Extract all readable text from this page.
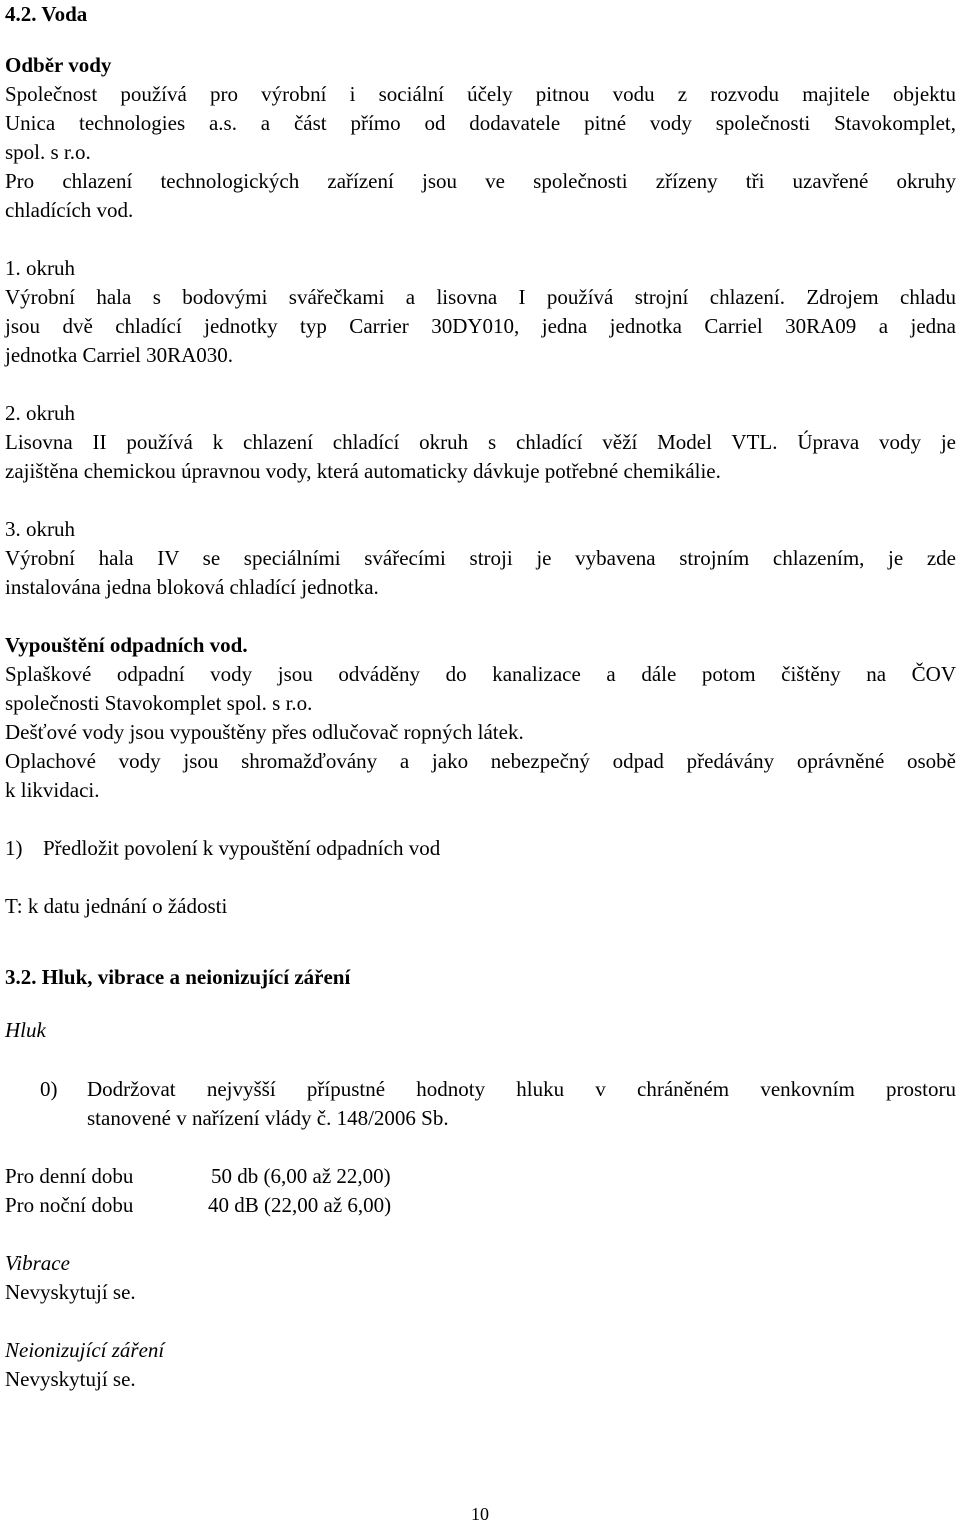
4.2. Voda
Odběr vody
Společnost používá pro výrobní i sociální účely pitnou vodu z rozvodu majitele objektu
Unica technologies a.s. a část přímo od dodavatele pitné vody společnosti Stavokomplet,
spol. s r.o.
Pro chlazení technologických zařízení jsou ve společnosti zřízeny tři uzavřené okruhy
chladících vod.
1. okruh
Výrobní hala s bodovými svářečkami a lisovna I používá strojní chlazení. Zdrojem chladu
jsou dvě chladící jednotky typ Carrier 30DY010, jedna jednotka Carriel 30RA09 a jedna
jednotka Carriel 30RA030.
2. okruh
Lisovna II používá k chlazení chladící okruh s chladící věží Model VTL. Úprava vody je
zajištěna chemickou úpravnou vody, která automaticky dávkuje potřebné chemikálie.
3. okruh
Výrobní hala IV se speciálními svářecími stroji je vybavena strojním chlazením, je zde
instalována jedna bloková chladící jednotka.
Vypouštění odpadních vod.
Splaškové odpadní vody jsou odváděny do kanalizace a dále potom čištěny na ČOV
společnosti Stavokomplet spol. s r.o.
Dešťové vody jsou vypouštěny přes odlučovač ropných látek.
Oplachové vody jsou shromažďovány a jako nebezpečný odpad předávány oprávněné osobě
k likvidaci.
1) Předložit povolení k vypouštění odpadních vod
T: k datu jednání o žádosti
3.2. Hluk, vibrace a neionizující záření
Hluk
0) Dodržovat nejvyšší přípustné hodnoty hluku v chráněném venkovním prostoru
stanovené v nařízení vlády č. 148/2006 Sb.
Pro denní dobu	50 db (6,00 až 22,00)
Pro noční dobu	40 dB (22,00 až 6,00)
Vibrace
Nevyskytují se.
Neionizující záření
Nevyskytují se.
10
